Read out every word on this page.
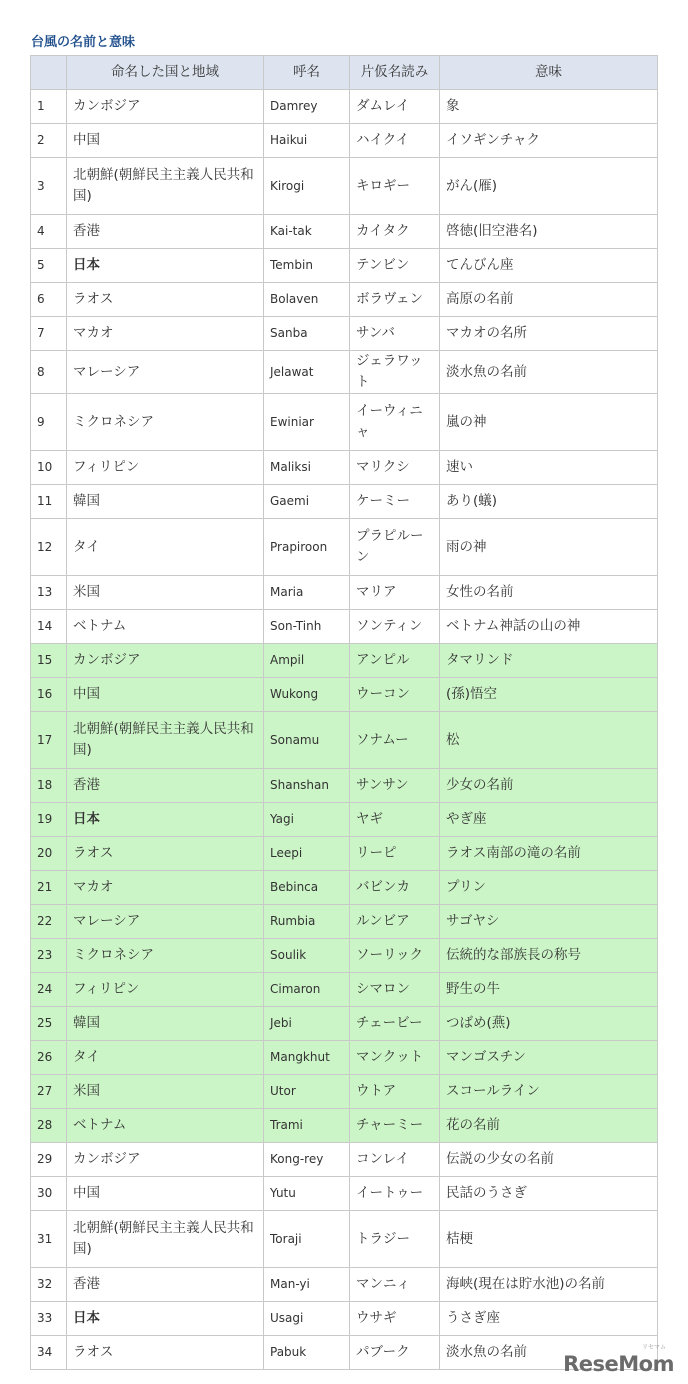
台風の名前と意味
	命名した国と地域	呼名	片仮名読み	意味
1	カンボジア	Damrey	ダムレイ	象
2	中国	Haikui	ハイクイ	イソギンチャク
3	北朝鮮(朝鮮民主主義人民共和国)	Kirogi	キロギー	がん(雁)
4	香港	Kai-tak	カイタク	啓徳(旧空港名)
5	日本	Tembin	テンビン	てんびん座
6	ラオス	Bolaven	ボラヴェン	高原の名前
7	マカオ	Sanba	サンバ	マカオの名所
8	マレーシア	Jelawat	ジェラワット	淡水魚の名前
9	ミクロネシア	Ewiniar	イーウィニャ	嵐の神
10	フィリピン	Maliksi	マリクシ	速い
11	韓国	Gaemi	ケーミー	あり(蟻)
12	タイ	Prapiroon	プラピルーン	雨の神
13	米国	Maria	マリア	女性の名前
14	ベトナム	Son-Tinh	ソンティン	ベトナム神話の山の神
15	カンボジア	Ampil	アンピル	タマリンド
16	中国	Wukong	ウーコン	(孫)悟空
17	北朝鮮(朝鮮民主主義人民共和国)	Sonamu	ソナムー	松
18	香港	Shanshan	サンサン	少女の名前
19	日本	Yagi	ヤギ	やぎ座
20	ラオス	Leepi	リーピ	ラオス南部の滝の名前
21	マカオ	Bebinca	バビンカ	プリン
22	マレーシア	Rumbia	ルンビア	サゴヤシ
23	ミクロネシア	Soulik	ソーリック	伝統的な部族長の称号
24	フィリピン	Cimaron	シマロン	野生の牛
25	韓国	Jebi	チェービー	つばめ(燕)
26	タイ	Mangkhut	マンクット	マンゴスチン
27	米国	Utor	ウトア	スコールライン
28	ベトナム	Trami	チャーミー	花の名前
29	カンボジア	Kong-rey	コンレイ	伝説の少女の名前
30	中国	Yutu	イートゥー	民話のうさぎ
31	北朝鮮(朝鮮民主主義人民共和国)	Toraji	トラジー	桔梗
32	香港	Man-yi	マンニィ	海峡(現在は貯水池)の名前
33	日本	Usagi	ウサギ	うさぎ座
34	ラオス	Pabuk	パブーク	淡水魚の名前	リセマム
ReseMom
